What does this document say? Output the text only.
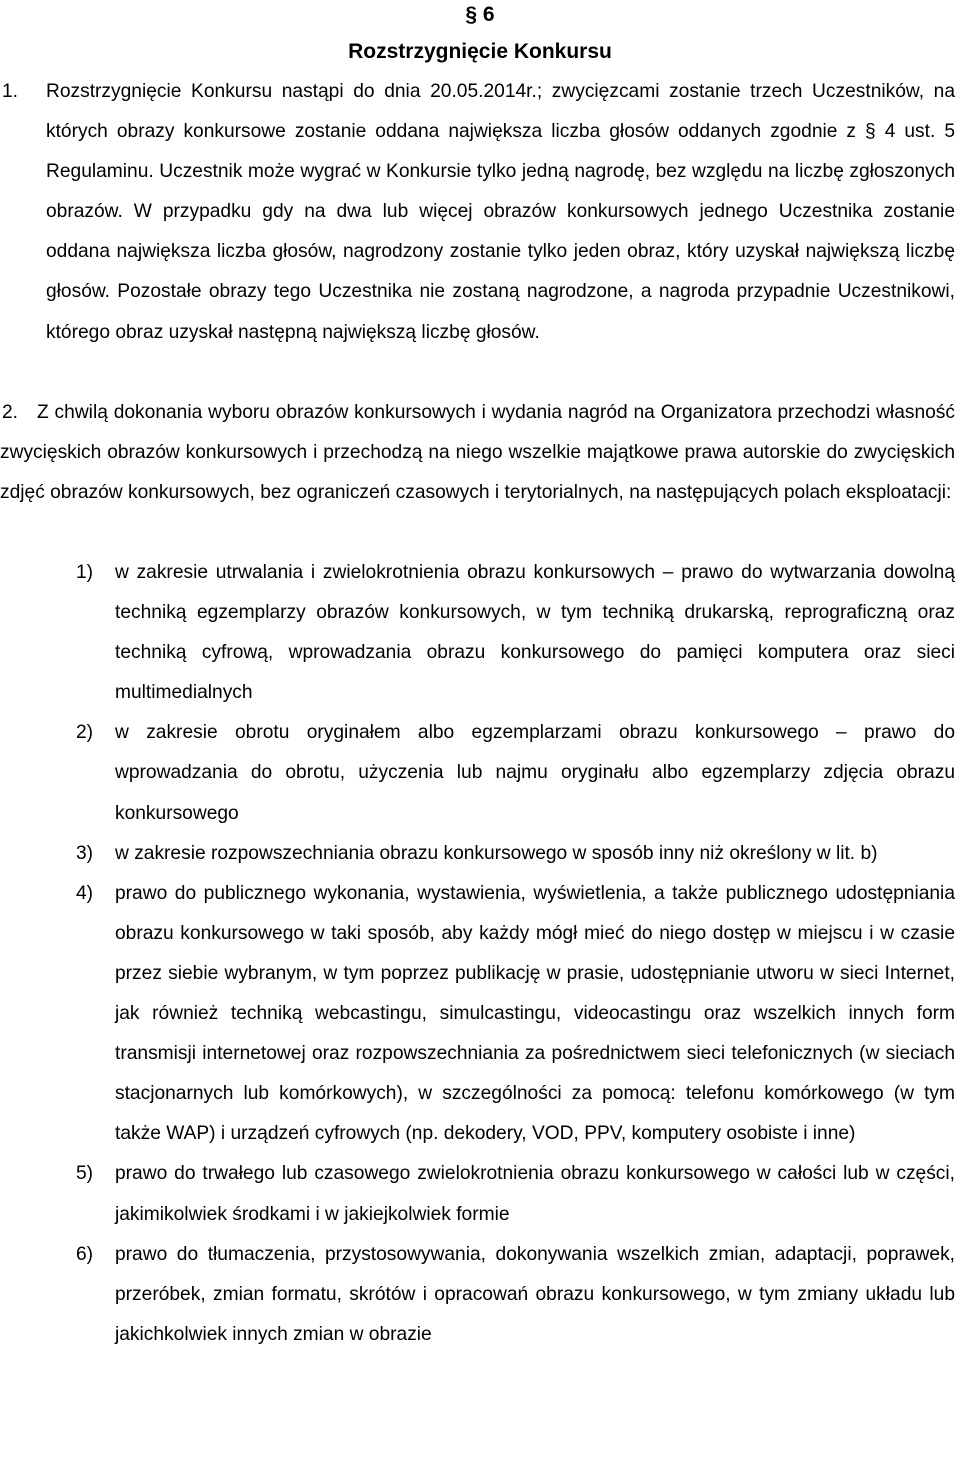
§ 6
Rozstrzygnięcie Konkursu
1.	Rozstrzygnięcie Konkursu nastąpi do dnia 20.05.2014r.; zwycięzcami zostanie trzech Uczestników, na których obrazy konkursowe zostanie oddana największa liczba głosów oddanych zgodnie z § 4 ust. 5 Regulaminu. Uczestnik może wygrać w Konkursie tylko jedną nagrodę, bez względu na liczbę zgłoszonych obrazów. W przypadku gdy na dwa lub więcej obrazów konkursowych jednego Uczestnika zostanie oddana największa liczba głosów, nagrodzony zostanie tylko jeden obraz, który uzyskał największą liczbę głosów. Pozostałe obrazy tego Uczestnika nie zostaną nagrodzone, a nagroda przypadnie Uczestnikowi, którego obraz uzyskał następną największą liczbę głosów.
2. Z chwilą dokonania wyboru obrazów konkursowych i wydania nagród na Organizatora przechodzi własność zwycięskich obrazów konkursowych i przechodzą na niego wszelkie majątkowe prawa autorskie do zwycięskich zdjęć obrazów konkursowych, bez ograniczeń czasowych i terytorialnych, na następujących polach eksploatacji:
1) w zakresie utrwalania i zwielokrotnienia obrazu konkursowych – prawo do wytwarzania dowolną techniką egzemplarzy obrazów konkursowych, w tym techniką drukarską, reprograficzną oraz techniką cyfrową, wprowadzania obrazu konkursowego do pamięci komputera oraz sieci multimedialnych
2) w zakresie obrotu oryginałem albo egzemplarzami obrazu konkursowego – prawo do wprowadzania do obrotu, użyczenia lub najmu oryginału albo egzemplarzy zdjęcia obrazu konkursowego
3) w zakresie rozpowszechniania obrazu konkursowego w sposób inny niż określony w lit. b)
4) prawo do publicznego wykonania, wystawienia, wyświetlenia, a także publicznego udostępniania obrazu konkursowego w taki sposób, aby każdy mógł mieć do niego dostęp w miejscu i w czasie przez siebie wybranym, w tym poprzez publikację w prasie, udostępnianie utworu w sieci Internet, jak również techniką webcastingu, simulcastingu, videocastingu oraz wszelkich innych form transmisji internetowej oraz rozpowszechniania za pośrednictwem sieci telefonicznych (w sieciach stacjonarnych lub komórkowych), w szczególności za pomocą: telefonu komórkowego (w tym także WAP) i urządzeń cyfrowych (np. dekodery, VOD, PPV, komputery osobiste i inne)
5) prawo do trwałego lub czasowego zwielokrotnienia obrazu konkursowego w całości lub w części, jakimikolwiek środkami i w jakiejkolwiek formie
6) prawo do tłumaczenia, przystosowywania, dokonywania wszelkich zmian, adaptacji, poprawek, przeróbek, zmian formatu, skrótów i opracowań obrazu konkursowego, w tym zmiany układu lub jakichkolwiek innych zmian w obrazie
